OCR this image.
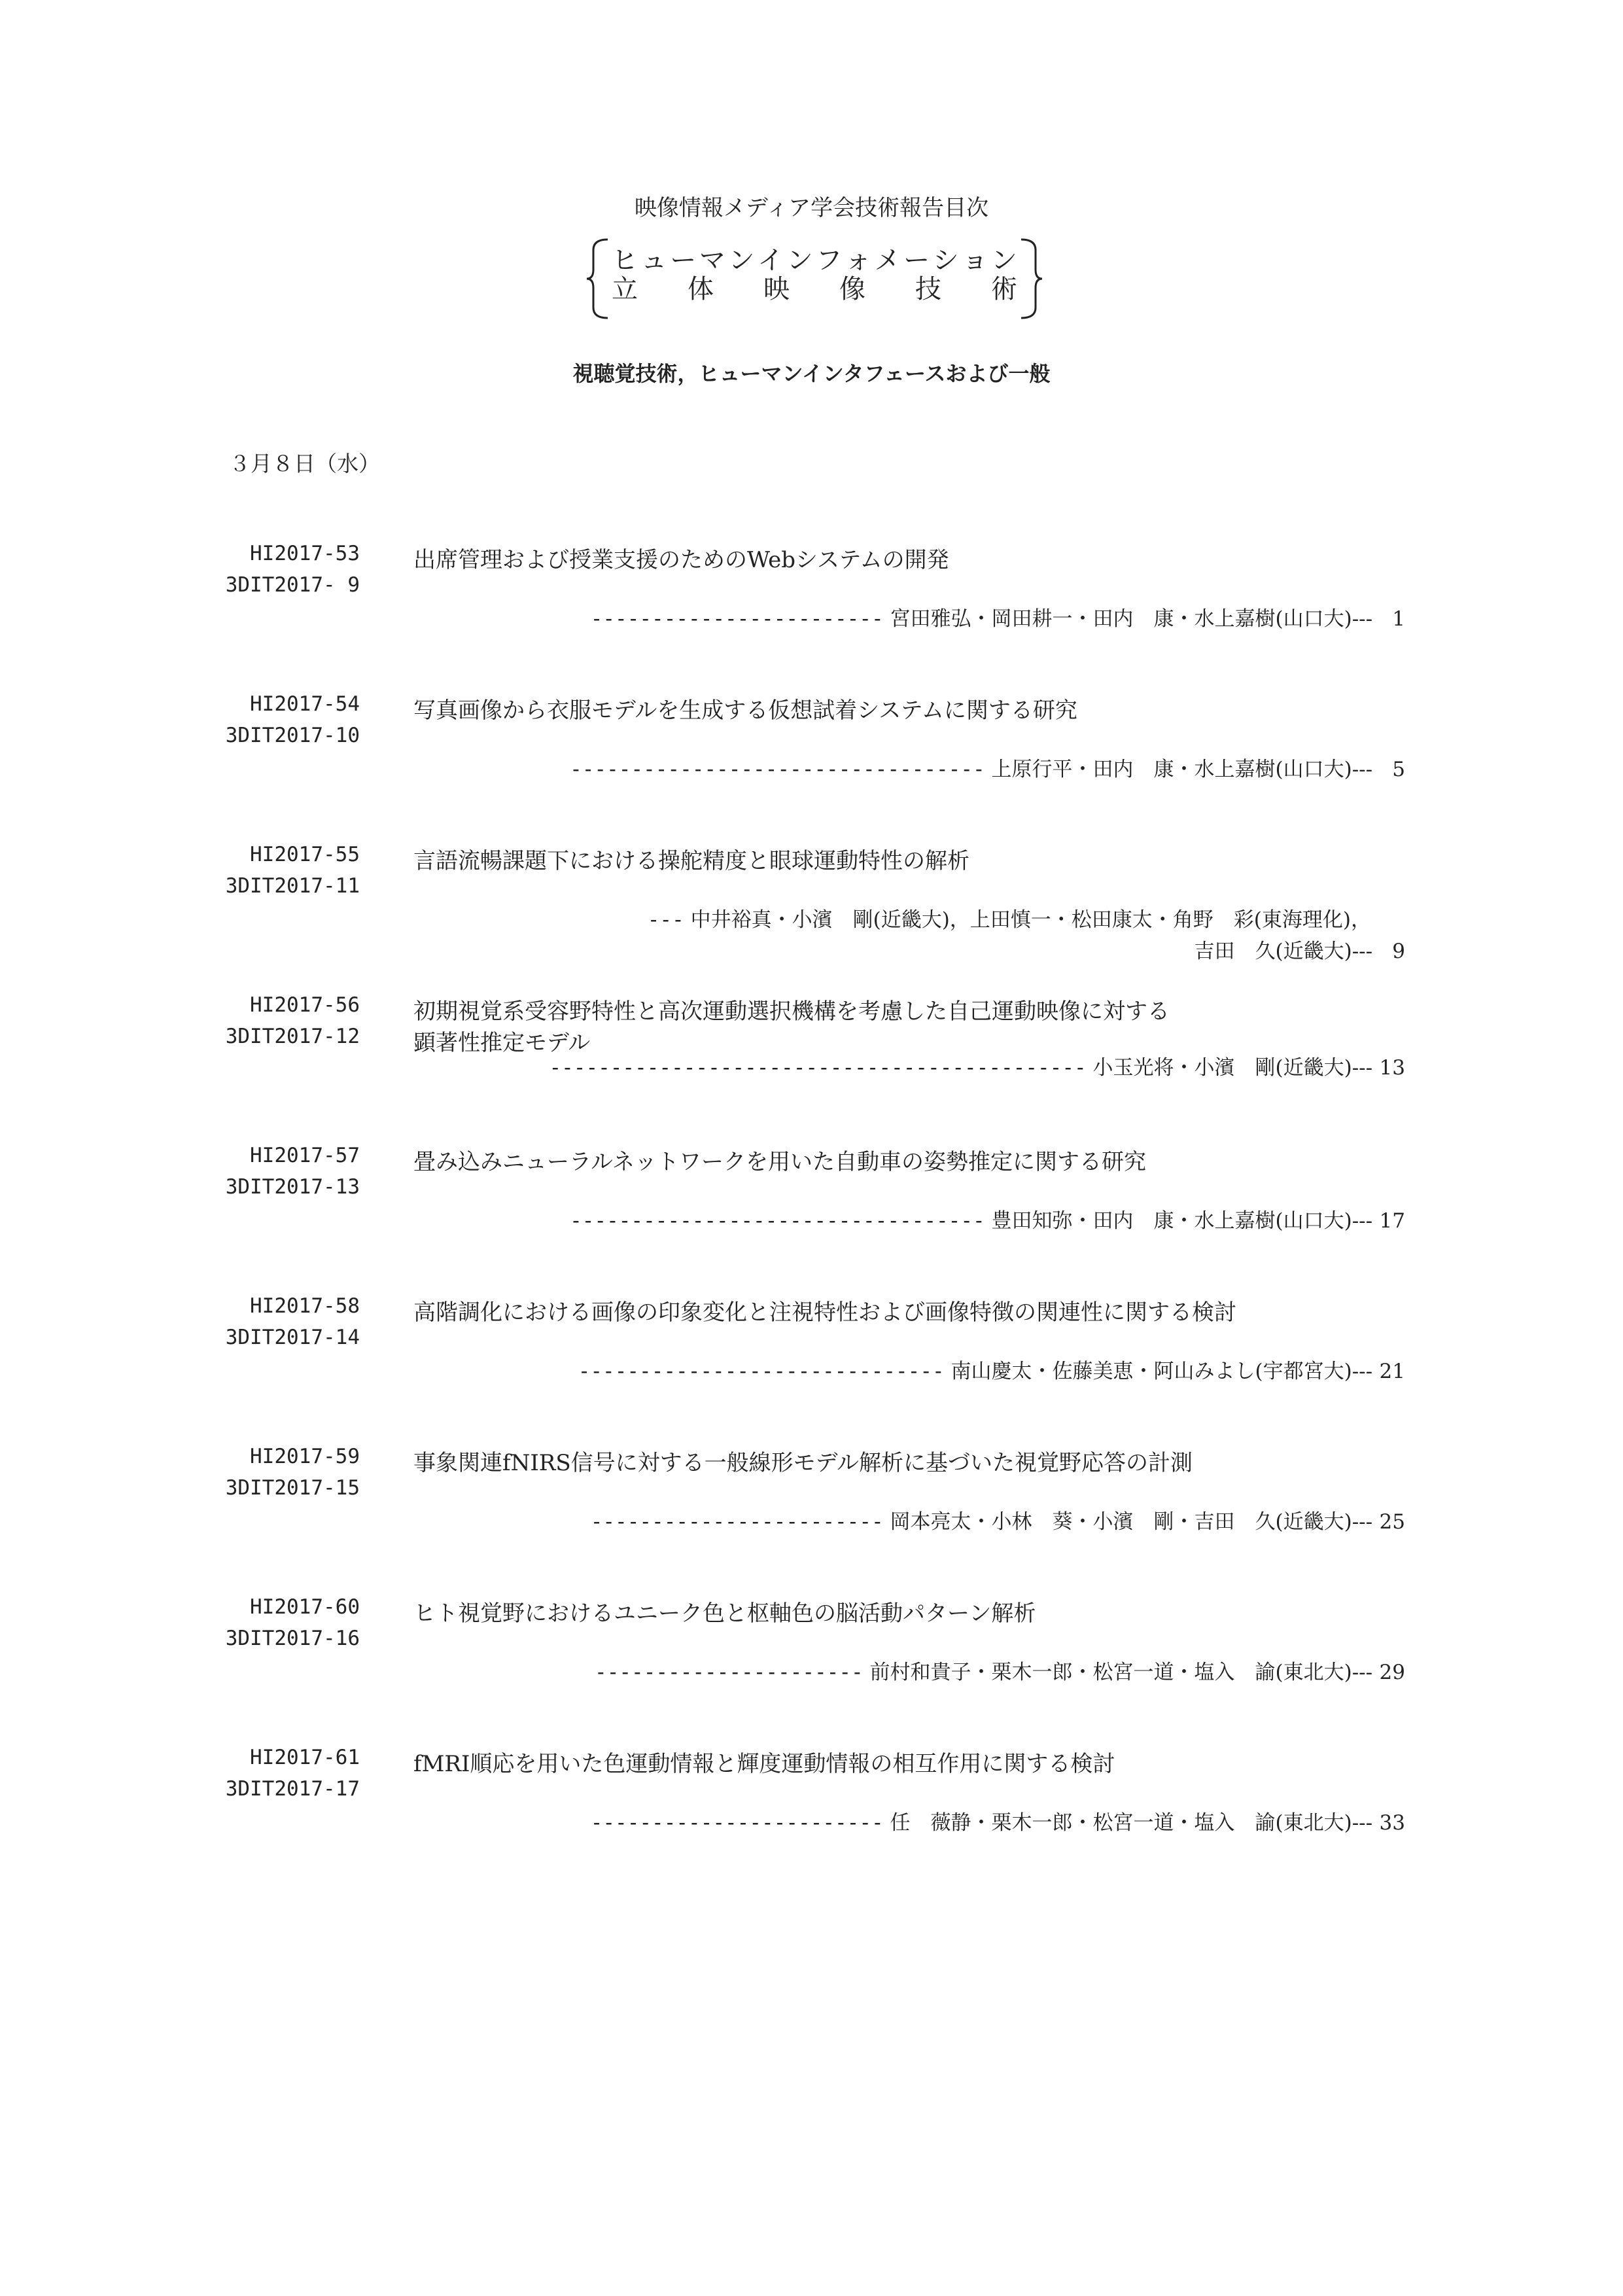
映像情報メディア学会技術報告目次
ヒ ュ ー マ ン イ ン フ ォ メ ー シ ョ ン
立 体 映 像 技 術
視聴覚技術，ヒューマンインタフェースおよび一般
３月８日（水）
HI2017-53
3DIT2017- 9
出席管理および授業支援のためのWebシステムの開発
------------------------ 宮田雅弘・岡田耕一・田内　康・水上嘉樹(山口大)--- 1
HI2017-54
3DIT2017-10
写真画像から衣服モデルを生成する仮想試着システムに関する研究
---------------------------------- 上原行平・田内　康・水上嘉樹(山口大)--- 5
HI2017-55
3DIT2017-11
言語流暢課題下における操舵精度と眼球運動特性の解析
--- 中井裕真・小濱　剛(近畿大)，上田慎一・松田康太・角野　彩(東海理化)，
吉田　久(近畿大)--- 9
HI2017-56
3DIT2017-12
初期視覚系受容野特性と高次運動選択機構を考慮した自己運動映像に対する
顕著性推定モデル
-------------------------------------------- 小玉光将・小濱　剛(近畿大)--- 13
HI2017-57
3DIT2017-13
畳み込みニューラルネットワークを用いた自動車の姿勢推定に関する研究
---------------------------------- 豊田知弥・田内　康・水上嘉樹(山口大)--- 17
HI2017-58
3DIT2017-14
高階調化における画像の印象変化と注視特性および画像特徴の関連性に関する検討
------------------------------ 南山慶太・佐藤美恵・阿山みよし(宇都宮大)--- 21
HI2017-59
3DIT2017-15
事象関連fNIRS信号に対する一般線形モデル解析に基づいた視覚野応答の計測
------------------------ 岡本亮太・小林　葵・小濱　剛・吉田　久(近畿大)--- 25
HI2017-60
3DIT2017-16
ヒト視覚野におけるユニーク色と枢軸色の脳活動パターン解析
---------------------- 前村和貴子・栗木一郎・松宮一道・塩入　諭(東北大)--- 29
HI2017-61
3DIT2017-17
fMRI順応を用いた色運動情報と輝度運動情報の相互作用に関する検討
------------------------ 任　薇静・栗木一郎・松宮一道・塩入　諭(東北大)--- 33
